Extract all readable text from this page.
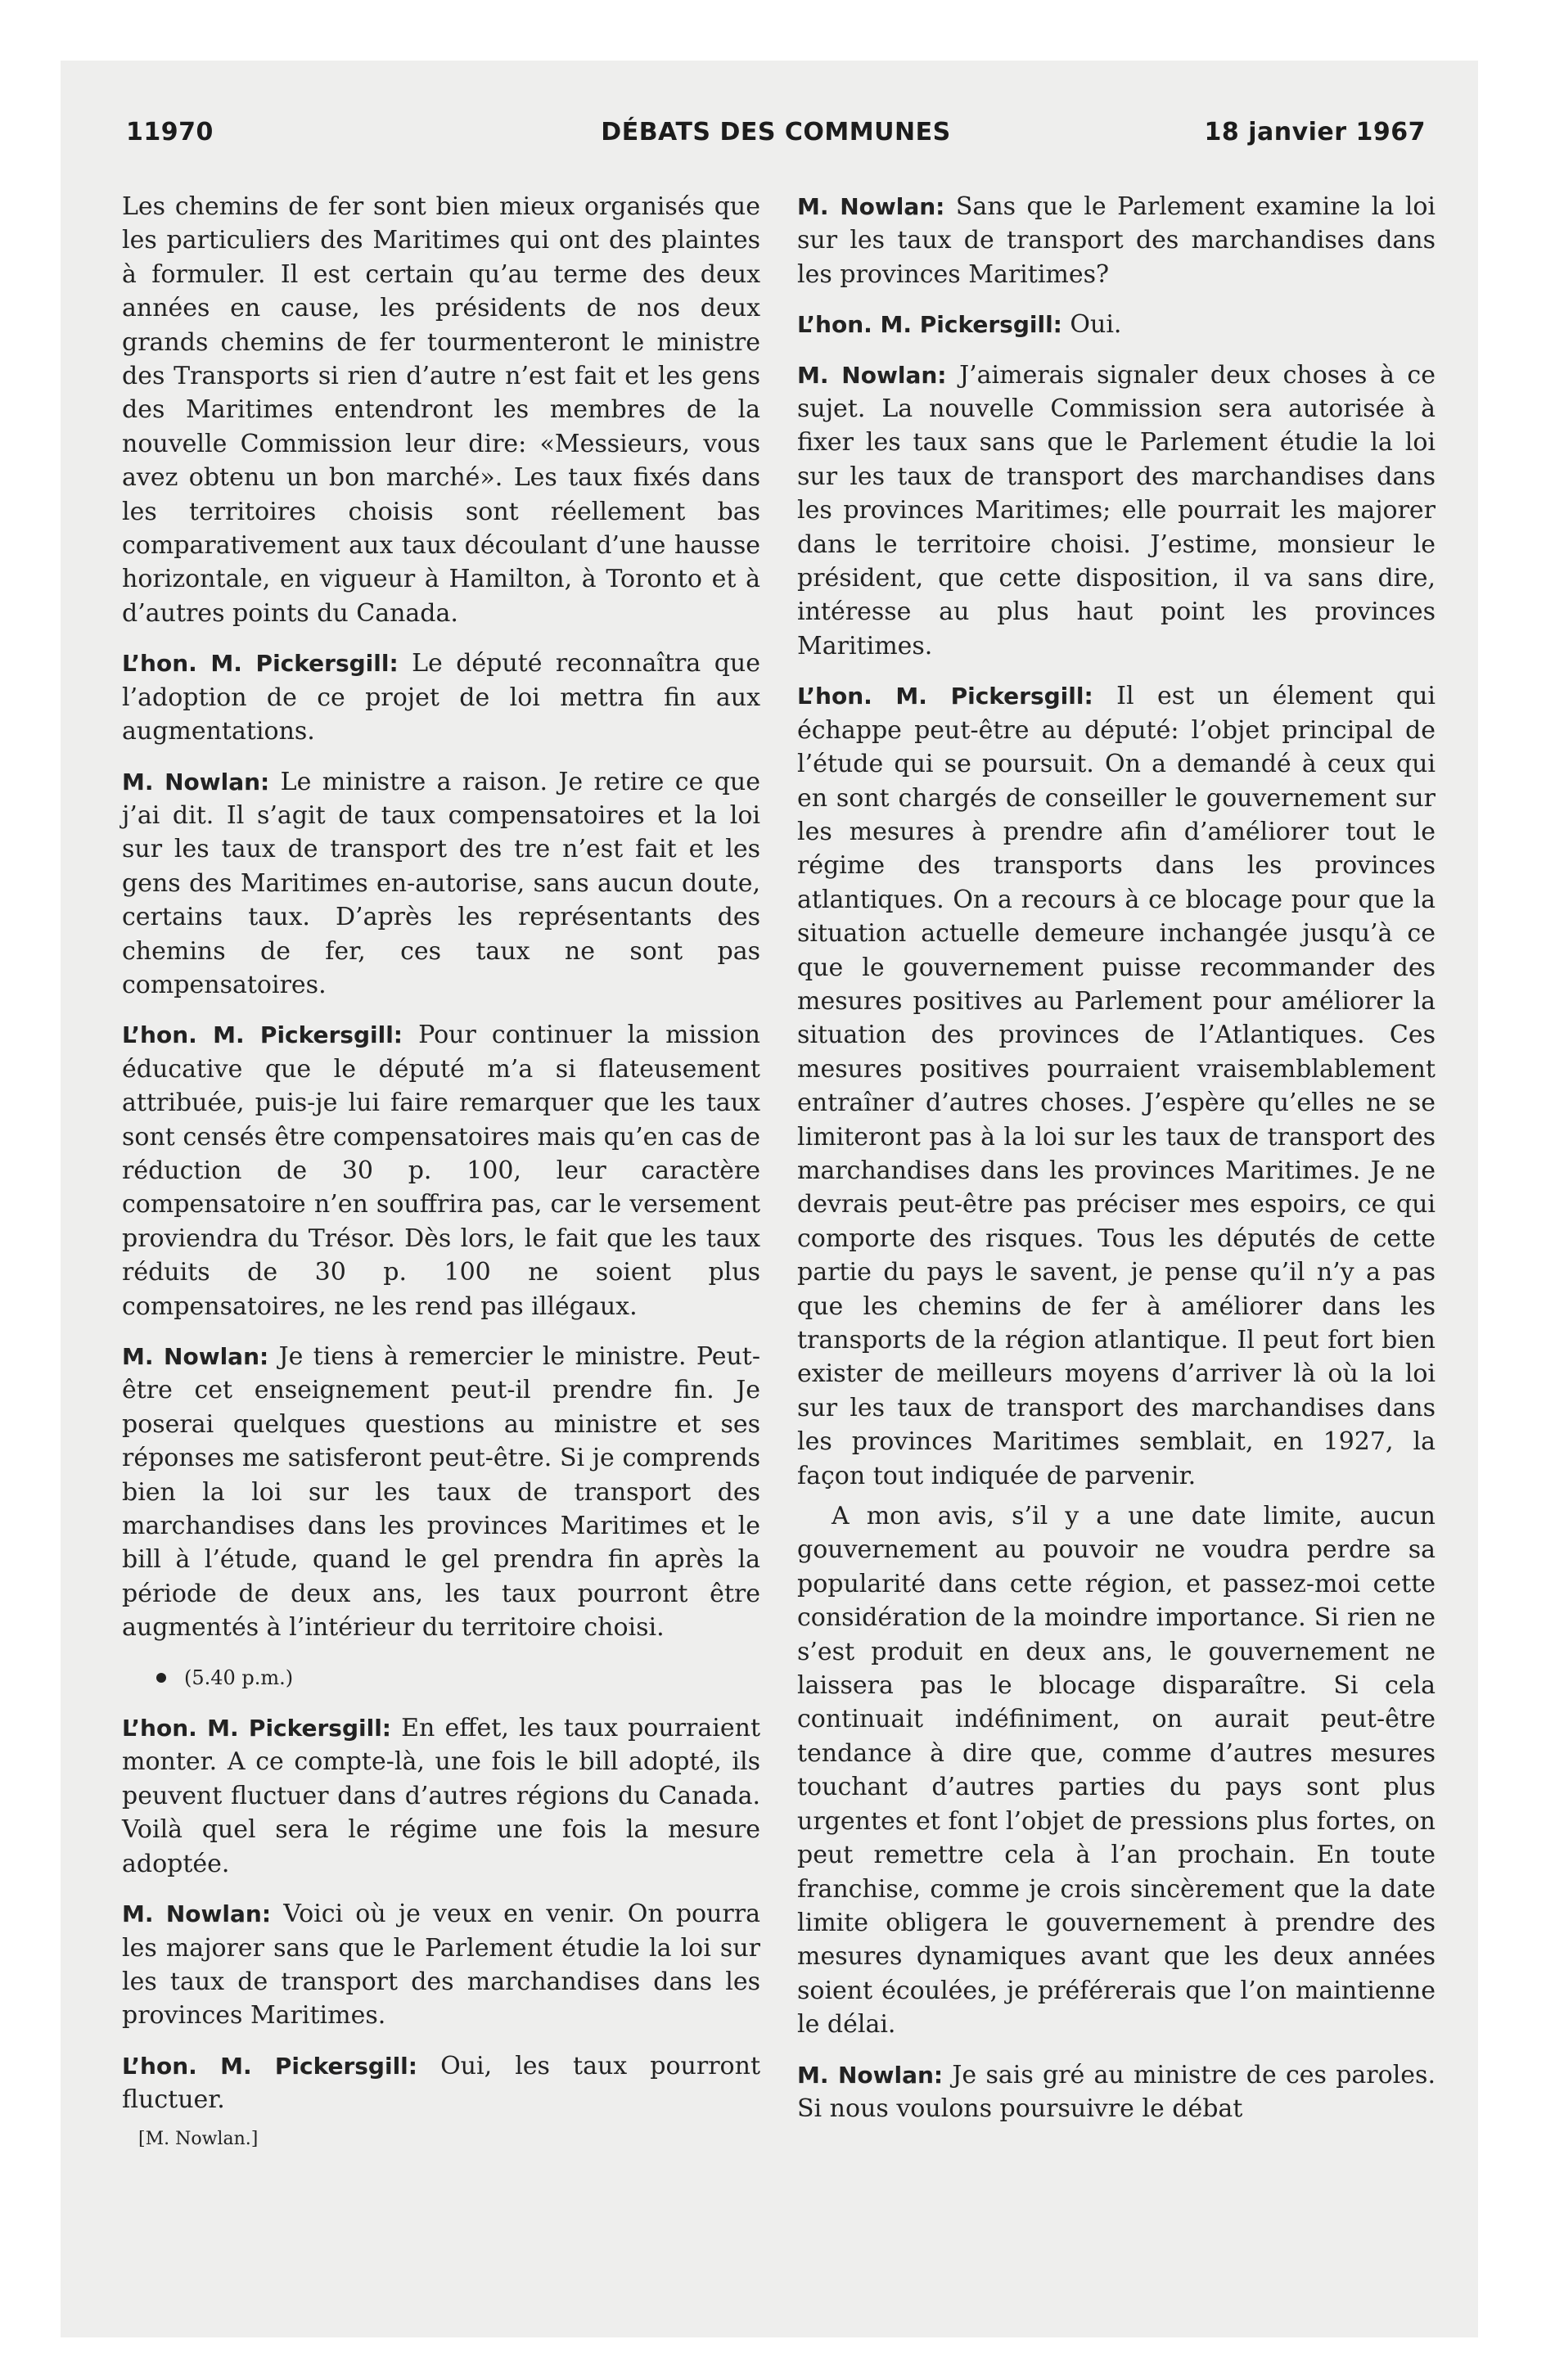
11970	DÉBATS DES COMMUNES	18 janvier 1967

Les chemins de fer sont bien mieux organisés que les particuliers des Maritimes qui ont des plaintes à formuler. Il est certain qu’au terme des deux années en cause, les présidents de nos deux grands chemins de fer tourmenteront le ministre des Transports si rien d’autre n’est fait et les gens des Maritimes entendront les membres de la nouvelle Commission leur dire: «Messieurs, vous avez obtenu un bon marché». Les taux fixés dans les territoires choisis sont réellement bas comparativement aux taux découlant d’une hausse horizontale, en vigueur à Hamilton, à Toronto et à d’autres points du Canada.

L’hon. M. Pickersgill: Le député reconnaîtra que l’adoption de ce projet de loi mettra fin aux augmentations.

M. Nowlan: Le ministre a raison. Je retire ce que j’ai dit. Il s’agit de taux compensatoires et la loi sur les taux de transport des tre n’est fait et les gens des Maritimes en-autorise, sans aucun doute, certains taux. D’après les représentants des chemins de fer, ces taux ne sont pas compensatoires.

L’hon. M. Pickersgill: Pour continuer la mission éducative que le député m’a si flateusement attribuée, puis-je lui faire remarquer que les taux sont censés être compensatoires mais qu’en cas de réduction de 30 p. 100, leur caractère compensatoire n’en souffrira pas, car le versement proviendra du Trésor. Dès lors, le fait que les taux réduits de 30 p. 100 ne soient plus compensatoires, ne les rend pas illégaux.

M. Nowlan: Je tiens à remercier le ministre. Peut-être cet enseignement peut-il prendre fin. Je poserai quelques questions au ministre et ses réponses me satisferont peut-être. Si je comprends bien la loi sur les taux de transport des marchandises dans les provinces Maritimes et le bill à l’étude, quand le gel prendra fin après la période de deux ans, les taux pourront être augmentés à l’intérieur du territoire choisi.

(5.40 p.m.)

L’hon. M. Pickersgill: En effet, les taux pourraient monter. A ce compte-là, une fois le bill adopté, ils peuvent fluctuer dans d’autres régions du Canada. Voilà quel sera le régime une fois la mesure adoptée.

M. Nowlan: Voici où je veux en venir. On pourra les majorer sans que le Parlement étudie la loi sur les taux de transport des marchandises dans les provinces Maritimes.

L’hon. M. Pickersgill: Oui, les taux pourront fluctuer.

[M. Nowlan.]

M. Nowlan: Sans que le Parlement examine la loi sur les taux de transport des marchandises dans les provinces Maritimes?

L’hon. M. Pickersgill: Oui.

M. Nowlan: J’aimerais signaler deux choses à ce sujet. La nouvelle Commission sera autorisée à fixer les taux sans que le Parlement étudie la loi sur les taux de transport des marchandises dans les provinces Maritimes; elle pourrait les majorer dans le territoire choisi. J’estime, monsieur le président, que cette disposition, il va sans dire, intéresse au plus haut point les provinces Maritimes.

L’hon. M. Pickersgill: Il est un élement qui échappe peut-être au député: l’objet principal de l’étude qui se poursuit. On a demandé à ceux qui en sont chargés de conseiller le gouvernement sur les mesures à prendre afin d’améliorer tout le régime des transports dans les provinces atlantiques. On a recours à ce blocage pour que la situation actuelle demeure inchangée jusqu’à ce que le gouvernement puisse recommander des mesures positives au Parlement pour améliorer la situation des provinces de l’Atlantiques. Ces mesures positives pourraient vraisemblablement entraîner d’autres choses. J’espère qu’elles ne se limiteront pas à la loi sur les taux de transport des marchandises dans les provinces Maritimes. Je ne devrais peut-être pas préciser mes espoirs, ce qui comporte des risques. Tous les députés de cette partie du pays le savent, je pense qu’il n’y a pas que les chemins de fer à améliorer dans les transports de la région atlantique. Il peut fort bien exister de meilleurs moyens d’arriver là où la loi sur les taux de transport des marchandises dans les provinces Maritimes semblait, en 1927, la façon tout indiquée de parvenir.

A mon avis, s’il y a une date limite, aucun gouvernement au pouvoir ne voudra perdre sa popularité dans cette région, et passez-moi cette considération de la moindre importance. Si rien ne s’est produit en deux ans, le gouvernement ne laissera pas le blocage disparaître. Si cela continuait indéfiniment, on aurait peut-être tendance à dire que, comme d’autres mesures touchant d’autres parties du pays sont plus urgentes et font l’objet de pressions plus fortes, on peut remettre cela à l’an prochain. En toute franchise, comme je crois sincèrement que la date limite obligera le gouvernement à prendre des mesures dynamiques avant que les deux années soient écoulées, je préférerais que l’on maintienne le délai.

M. Nowlan: Je sais gré au ministre de ces paroles. Si nous voulons poursuivre le débat
